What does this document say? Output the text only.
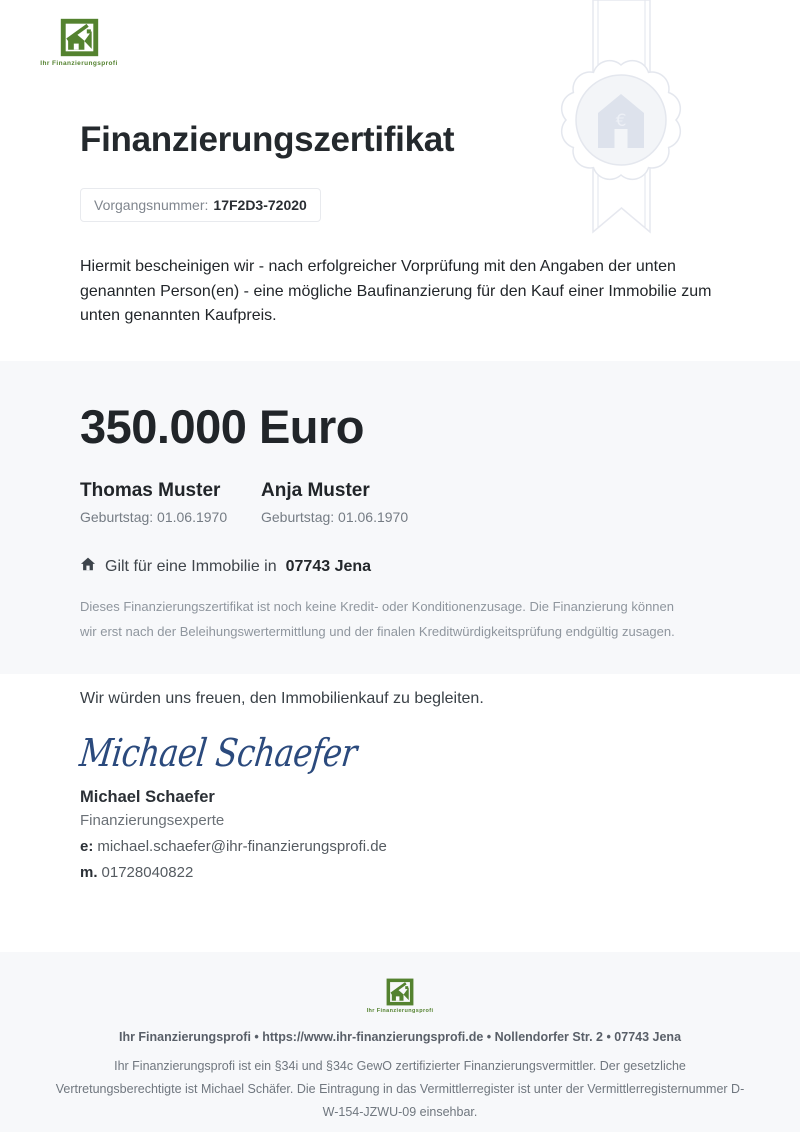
Ihr Finanzierungsprofi
€
Finanzierungszertifikat
Vorgangsnummer: 17F2D3-72020

Hiermit bescheinigen wir - nach erfolgreicher Vorprüfung mit den Angaben der unten genannten Person(en) - eine mögliche Baufinanzierung für den Kauf einer Immobilie zum unten genannten Kaufpreis.

350.000 Euro
Thomas Muster
Geburtstag: 01.06.1970
Anja Muster
Geburtstag: 01.06.1970
Gilt für eine Immobilie in 07743 Jena

Dieses Finanzierungszertifikat ist noch keine Kredit- oder Konditionenzusage. Die Finanzierung können wir erst nach der Beleihungswertermittlung und der finalen Kreditwürdigkeitsprüfung endgültig zusagen.

Wir würden uns freuen, den Immobilienkauf zu begleiten.

Michael Schaefer
Michael Schaefer
Finanzierungsexperte
e: michael.schaefer@ihr-finanzierungsprofi.de
m. 01728040822
Ihr Finanzierungsprofi
Ihr Finanzierungsprofi • https://www.ihr-finanzierungsprofi.de • Nollendorfer Str. 2 • 07743 Jena

Ihr Finanzierungsprofi ist ein §34i und §34c GewO zertifizierter Finanzierungsvermittler. Der gesetzliche Vertretungsberechtigte ist Michael Schäfer. Die Eintragung in das Vermittlerregister ist unter der Vermittlerregisternummer D-W-154-JZWU-09 einsehbar.
